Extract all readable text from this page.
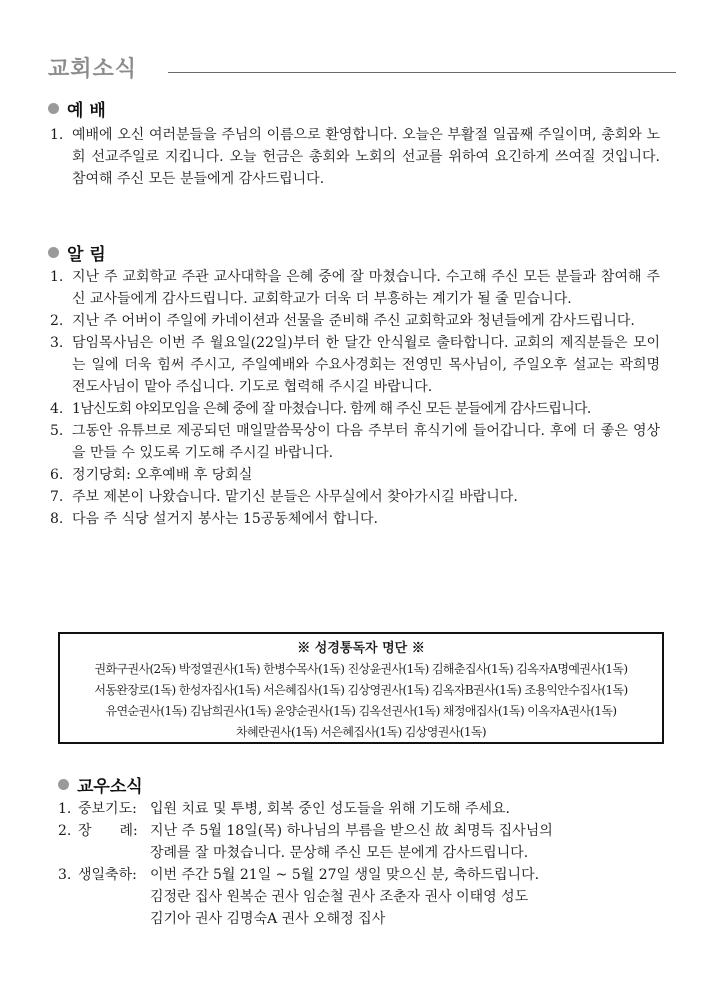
교회소식
예 배
1. 예배에 오신 여러분들을 주님의 이름으로 환영합니다. 오늘은 부활절 일곱째 주일이며, 총회와 노회 선교주일로 지킵니다. 오늘 헌금은 총회와 노회의 선교를 위하여 요긴하게 쓰여질 것입니다. 참여해 주신 모든 분들에게 감사드립니다.
알 림
1. 지난 주 교회학교 주관 교사대학을 은혜 중에 잘 마쳤습니다. 수고해 주신 모든 분들과 참여해 주신 교사들에게 감사드립니다. 교회학교가 더욱 더 부흥하는 계기가 될 줄 믿습니다.
2. 지난 주 어버이 주일에 카네이션과 선물을 준비해 주신 교회학교와 청년들에게 감사드립니다.
3. 담임목사님은 이번 주 월요일(22일)부터 한 달간 안식월로 출타합니다. 교회의 제직분들은 모이는 일에 더욱 힘써 주시고, 주일예배와 수요사경회는 전영민 목사님이, 주일오후 설교는 곽희명 전도사님이 맡아 주십니다. 기도로 협력해 주시길 바랍니다.
4. 1남신도회 야외모임을 은혜 중에 잘 마쳤습니다. 함께 해 주신 모든 분들에게 감사드립니다.
5. 그동안 유튜브로 제공되던 매일말씀묵상이 다음 주부터 휴식기에 들어갑니다. 후에 더 좋은 영상을 만들 수 있도록 기도해 주시길 바랍니다.
6. 정기당회: 오후예배 후 당회실
7. 주보 제본이 나왔습니다. 맡기신 분들은 사무실에서 찾아가시길 바랍니다.
8. 다음 주 식당 설거지 봉사는 15공동체에서 합니다.
※ 성경통독자 명단 ※
권화구권사(2독) 박정열권사(1독) 한병수목사(1독) 진상윤권사(1독) 김해춘집사(1독) 김옥자A명예권사(1독)
서동완장로(1독) 한성자집사(1독) 서은혜집사(1독) 김상영권사(1독) 김옥자B권사(1독) 조용익안수집사(1독)
유연순권사(1독) 김남희권사(1독) 윤양순권사(1독) 김옥선권사(1독) 채정애집사(1독) 이옥자A권사(1독)
차혜란권사(1독) 서은혜집사(1독) 김상영권사(1독)
교우소식
1. 중보기도: 입원 치료 및 투병, 회복 중인 성도들을 위해 기도해 주세요.
2. 장　　례: 지난 주 5월 18일(목) 하나님의 부름을 받으신 故 최명득 집사님의
장례를 잘 마쳤습니다. 문상해 주신 모든 분에게 감사드립니다.
3. 생일축하: 이번 주간 5월 21일 ~ 5월 27일 생일 맞으신 분, 축하드립니다.
김정란 집사 원복순 권사 임순철 권사 조춘자 권사 이태영 성도
김기아 권사 김명숙A 권사 오해정 집사
